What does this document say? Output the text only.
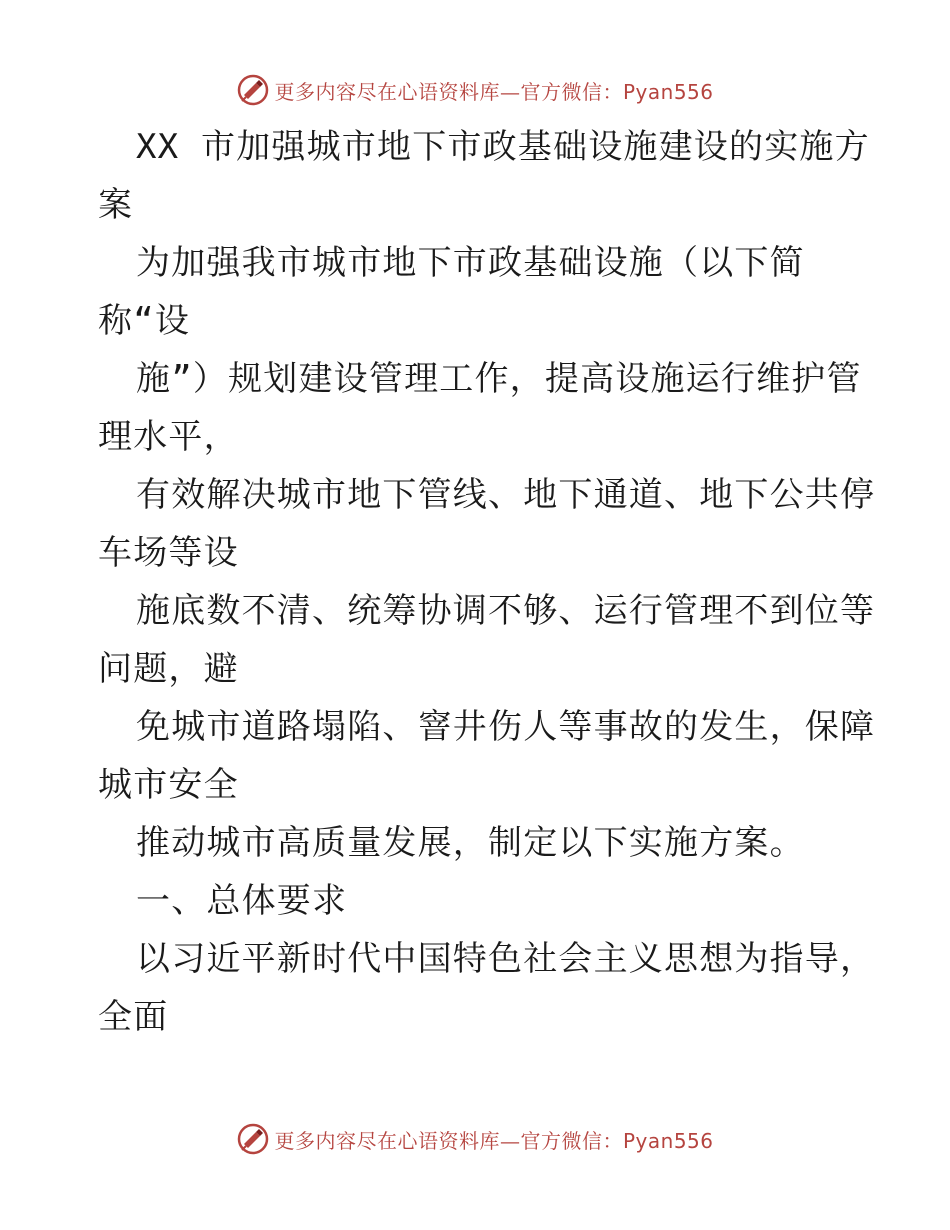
更多内容尽在心语资料库—官方微信：Pyan556
XX 市加强城市地下市政基础设施建设的实施方
案
为加强我市城市地下市政基础设施（以下简
称“设
施”）规划建设管理工作，提高设施运行维护管
理水平，
有效解决城市地下管线、地下通道、地下公共停
车场等设
施底数不清、统筹协调不够、运行管理不到位等
问题，避
免城市道路塌陷、窨井伤人等事故的发生，保障
城市安全
推动城市高质量发展，制定以下实施方案。
一、总体要求
以习近平新时代中国特色社会主义思想为指导，
全面
更多内容尽在心语资料库—官方微信：Pyan556
